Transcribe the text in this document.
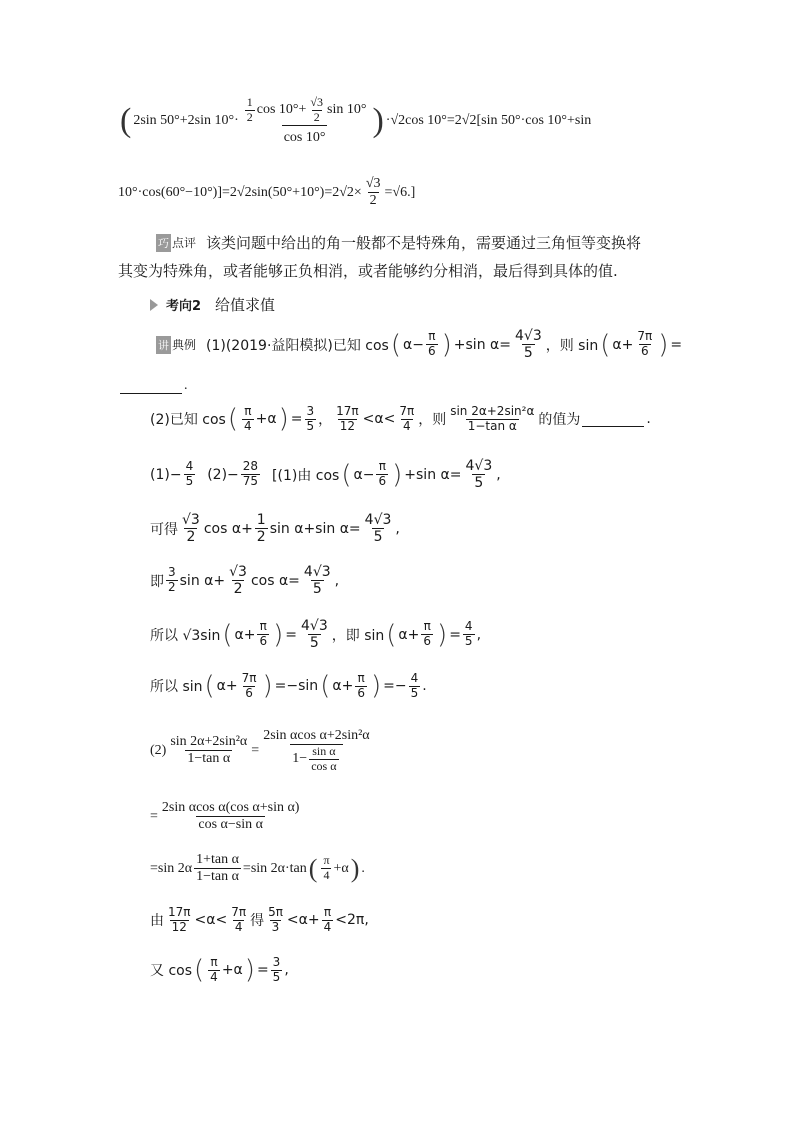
( 2sin 50°+2sin $10^\circ\cdot \frac{\frac{1}{2} \cos 10^\circ+ \frac{√3}{2} \sin 10^\circ}{\cos 10^\circ}$ ) ·√2cos 10°=2√2[sin 50°·cos 10°+sin
$10^\circ\cdot\cos(60^\circ-10^\circ)]=2√2\sin(50^\circ+10^\circ)=2√2\times \frac{√3}{2} =√6$.]
巧 点评 该类问题中给出的角一般都不是特殊角，需要通过三角恒等变换将
其变为特殊角，或者能够正负相消，或者能够约分相消，最后得到具体的值.
考向2 给值求值
讲 典例 (1)(2019·益阳模拟)已知 cos ( $\alpha- \frac{\pi}{6}$ ) +sin $\alpha= \frac{4√3}{5}$ ，则 sin ( $\alpha+ \frac{7\pi}{6}$ ) =
.
(2)已知 cos ( $\frac{\pi}{4} +\alpha$ ) = $\frac{3}{5}$ ， $\frac{17\pi}{12} <\alpha< \frac{7\pi}{4}$ ，则 $\frac{\text{sin 2α+2sin²α}}{\text{1−tan α}}$ 的值为	.
$(1)- \frac{4}{5} (2)- \frac{28}{75} [(1)$由 cos ( $\alpha- \frac{\pi}{6}$ ) +sin $\alpha= \frac{4√3}{5}$ ,
可得 $\frac{√3}{2}$ $\cos \alpha+ \frac{1}{2}$ sin α+sin $\alpha= \frac{4√3}{5}$ ,
即 $\frac{3}{2}$ $\sin \alpha+ \frac{√3}{2}$ $\cos \alpha= \frac{4√3}{5}$ ,
所以 √3sin ( $\alpha+ \frac{\pi}{6}$ ) = $\frac{4√3}{5}$ ，即 sin ( $\alpha+ \frac{\pi}{6}$ ) = $\frac{4}{5}$ ,
所以 sin ( $\alpha+ \frac{7\pi}{6}$ ) =−sin ( $\alpha+ \frac{\pi}{6}$ ) =− $\frac{4}{5}$ .
$(2) \frac{\text{sin 2α+2sin²α}}{\text{1−tan α}} = \frac{\text{2sin αcos α+2sin²α}}{1- \frac{\text{sin α}}{\text{cos α}}}$
= $\frac{\text{2sin αcos α(cos α+sin α)}}{\text{cos α−sin α}}$
=sin $2\alpha \frac{\text{1+tan α}}{\text{1−tan α}} =\sin$ 2α·tan ( $\frac{\pi}{4} +\alpha$ ) .
由 $\frac{17\pi}{12} <\alpha< \frac{7\pi}{4}$ 得 $\frac{5\pi}{3} <\alpha+ \frac{\pi}{4} <2\pi$,
又 cos ( $\frac{\pi}{4} +\alpha$ ) = $\frac{3}{5}$ ,
